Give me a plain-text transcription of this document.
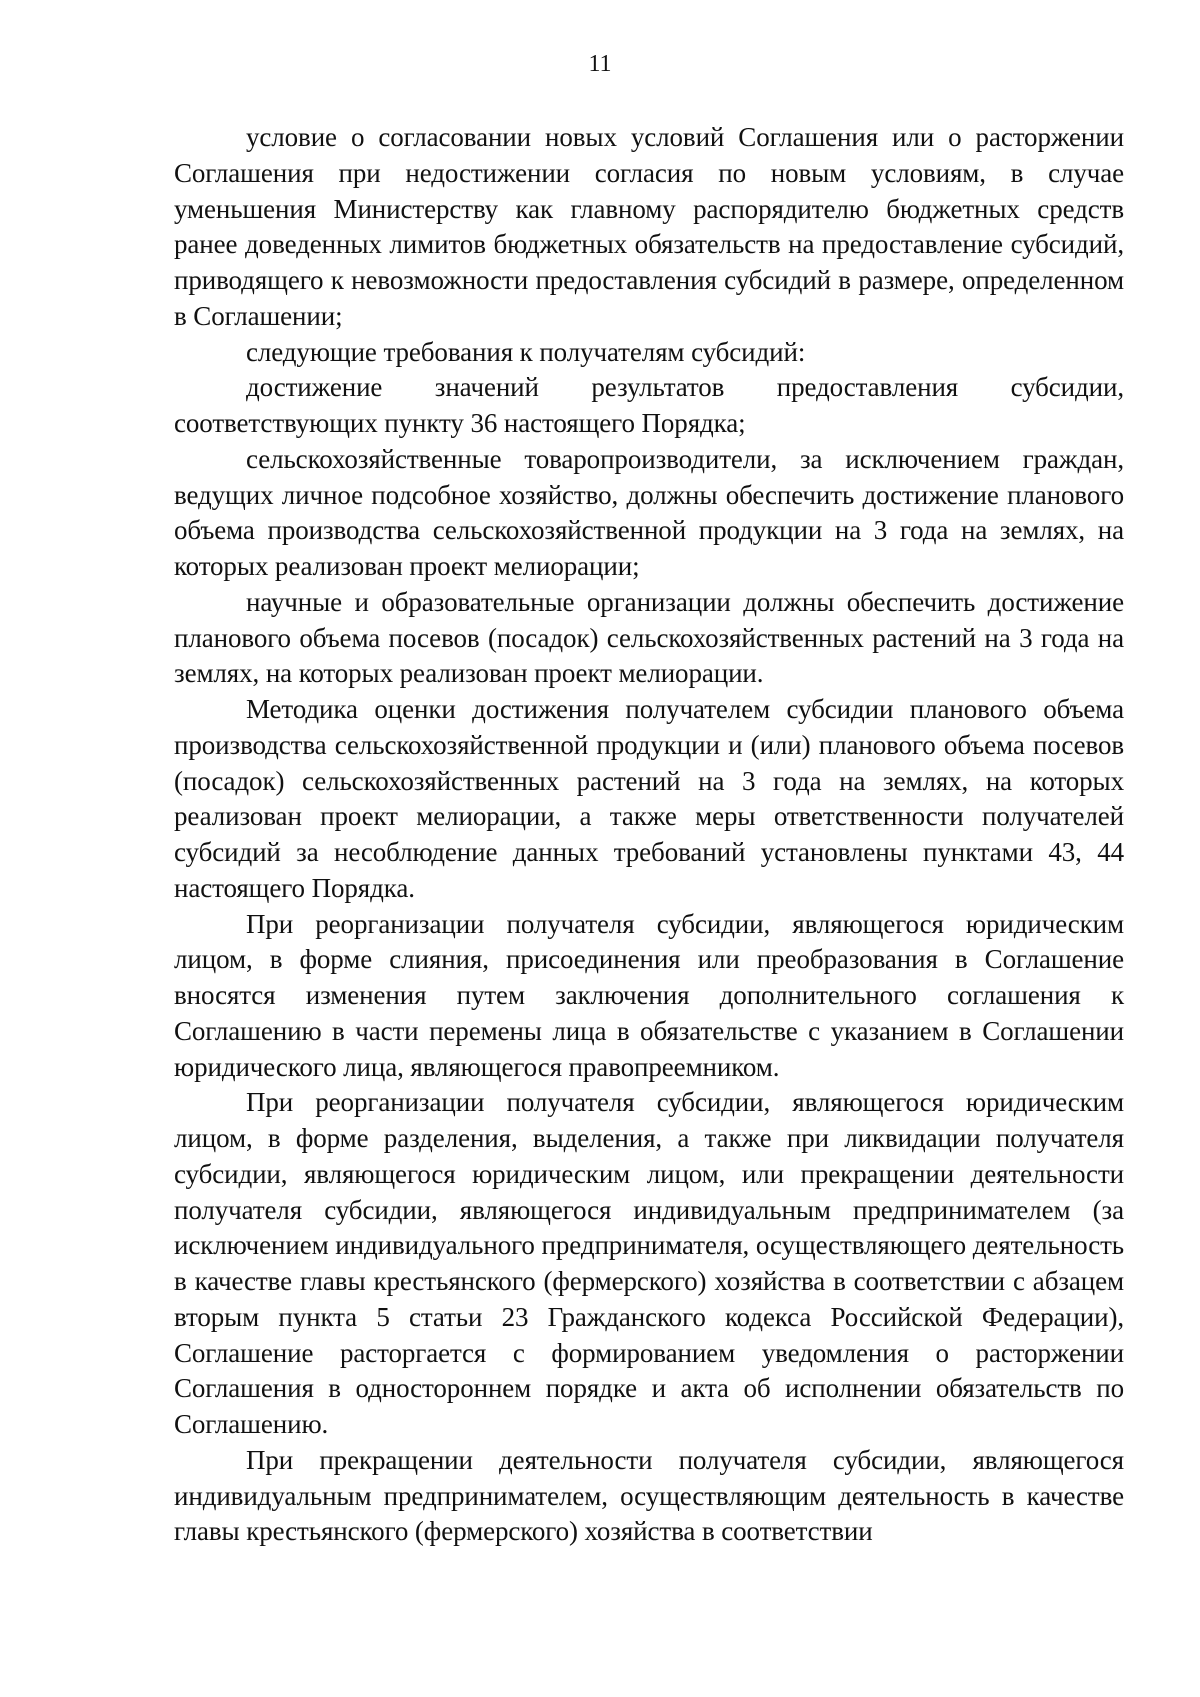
11

условие о согласовании новых условий Соглашения или о расторжении Соглашения при недостижении согласия по новым условиям, в случае уменьшения Министерству как главному распорядителю бюджетных средств ранее доведенных лимитов бюджетных обязательств на предоставление субсидий, приводящего к невозможности предоставления субсидий в размере, определенном в Соглашении;

следующие требования к получателям субсидий:

достижение значений результатов предоставления субсидии, соответствующих пункту 36 настоящего Порядка;

сельскохозяйственные товаропроизводители, за исключением граждан, ведущих личное подсобное хозяйство, должны обеспечить достижение планового объема производства сельскохозяйственной продукции на 3 года на землях, на которых реализован проект мелиорации;

научные и образовательные организации должны обеспечить достижение планового объема посевов (посадок) сельскохозяйственных растений на 3 года на землях, на которых реализован проект мелиорации.

Методика оценки достижения получателем субсидии планового объема производства сельскохозяйственной продукции и (или) планового объема посевов (посадок) сельскохозяйственных растений на 3 года на землях, на которых реализован проект мелиорации, а также меры ответственности получателей субсидий за несоблюдение данных требований установлены пунктами 43, 44 настоящего Порядка.

При реорганизации получателя субсидии, являющегося юридическим лицом, в форме слияния, присоединения или преобразования в Соглашение вносятся изменения путем заключения дополнительного соглашения к Соглашению в части перемены лица в обязательстве с указанием в Соглашении юридического лица, являющегося правопреемником.

При реорганизации получателя субсидии, являющегося юридическим лицом, в форме разделения, выделения, а также при ликвидации получателя субсидии, являющегося юридическим лицом, или прекращении деятельности получателя субсидии, являющегося индивидуальным предпринимателем (за исключением индивидуального предпринимателя, осуществляющего деятельность в качестве главы крестьянского (фермерского) хозяйства в соответствии с абзацем вторым пункта 5 статьи 23 Гражданского кодекса Российской Федерации), Соглашение расторгается с формированием уведомления о расторжении Соглашения в одностороннем порядке и акта об исполнении обязательств по Соглашению.

При прекращении деятельности получателя субсидии, являющегося индивидуальным предпринимателем, осуществляющим деятельность в качестве главы крестьянского (фермерского) хозяйства в соответствии
